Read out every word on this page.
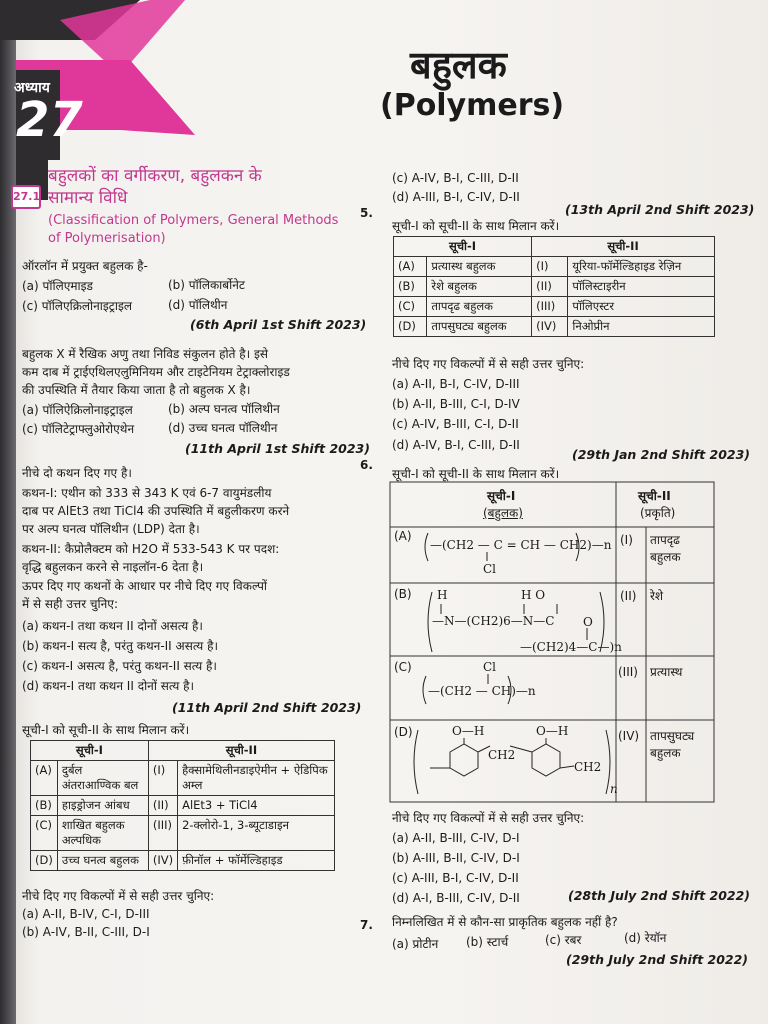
अध्याय
27
बहुलक
(Polymers)
27.1
बहुलकों का वर्गीकरण, बहुलकन के सामान्य विधि
(Classification of Polymers, General Methods of Polymerisation)
ऑरलॉन में प्रयुक्त बहुलक है-
(a) पॉलिएमाइड	(b) पॉलिकार्बोनेट
(c) पॉलिएक्रिलोनाइट्राइल	(d) पॉलिथीन
(6th April 1st Shift 2023)
बहुलक X में रैखिक अणु तथा निविड संकुलन होते है। इसे
कम दाब में ट्राईएथिलएलुमिनियम और टाइटेनियम टेट्राक्लोराइड
की उपस्थिति में तैयार किया जाता है तो बहुलक X है।
(a) पॉलिऐक्रिलोनाइट्राइल	(b) अल्प घनत्व पॉलिथीन
(c) पॉलिटेट्राफ्लुओरोएथेन	(d) उच्च घनत्व पॉलिथीन
(11th April 1st Shift 2023)
नीचे दो कथन दिए गए है।
कथन-I: एथीन को 333 से 343 K एवं 6-7 वायुमंडलीय
दाब पर AlEt3 तथा TiCl4 की उपस्थिति में बहुलीकरण करने
पर अल्प घनत्व पॉलिथीन (LDP) देता है।
कथन-II: कैप्रोलैक्टम को H2O में 533-543 K पर पदश:
वृद्धि बहुलकन करने से नाइलॉन-6 देता है।
ऊपर दिए गए कथनों के आधार पर नीचे दिए गए विकल्पों
में से सही उत्तर चुनिए:
(a) कथन-I तथा कथन II दोनों असत्य है।
(b) कथन-I सत्य है, परंतु कथन-II असत्य है।
(c) कथन-I असत्य है, परंतु कथन-II सत्य है।
(d) कथन-I तथा कथन II दोनों सत्य है।
(11th April 2nd Shift 2023)
सूची-I को सूची-II के साथ मिलान करें।
सूची-I		सूची-II	
(A)	दुर्बल अंतराआण्विक बल	(I)	हैक्सामेथिलीनडाइऐमीन + ऐडिपिक अम्ल
(B)	हाइड्रोजन आंबध	(II)	AlEt3 + TiCl4
(C)	शाखित बहुलक अल्पधिक	(III)	2-क्लोरो-1, 3-ब्यूटाडाइन
(D)	उच्च घनत्व बहुलक	(IV)	फ़ीनॉल + फॉर्मेल्डिहाइड
नीचे दिए गए विकल्पों में से सही उत्तर चुनिए:
(a) A-II, B-IV, C-I, D-III
(b) A-IV, B-II, C-III, D-I
(c) A-IV, B-I, C-III, D-II
(d) A-III, B-I, C-IV, D-II
(13th April 2nd Shift 2023)
5.
सूची-I को सूची-II के साथ मिलान करें।
सूची-I		सूची-II	
(A)	प्रत्यास्थ बहुलक	(I)	यूरिया-फॉर्मेल्डिहाइड रेज़िन
(B)	रेशे बहुलक	(II)	पॉलिस्टाइरीन
(C)	तापदृढ बहुलक	(III)	पॉलिएस्टर
(D)	तापसुघट्य बहुलक	(IV)	निओप्रीन
नीचे दिए गए विकल्पों में से सही उत्तर चुनिए:
(a) A-II, B-I, C-IV, D-III
(b) A-II, B-III, C-I, D-IV
(c) A-IV, B-III, C-I, D-II
(d) A-IV, B-I, C-III, D-II
(29th Jan 2nd Shift 2023)
6.
सूची-I को सूची-II के साथ मिलान करें।
सूची-I
(बहुलक)
सूची-II
(प्रकृति)
(A)
—(CH2 — C = CH — CH2)—n
Cl
(I) तापदृढ बहुलक
(B) H	H O
—N—(CH2)6—N—C
—(CH2)4—C—)n
O
(II) रेशे
(C)	Cl
—(CH2 — CH)—n
(III) प्रत्यास्थ
(D)	O—H	O—H
CH2
CH2
n
(IV) तापसुघट्य बहुलक
नीचे दिए गए विकल्पों में से सही उत्तर चुनिए:
(a) A-II, B-III, C-IV, D-I
(b) A-III, B-II, C-IV, D-I
(c) A-III, B-I, C-IV, D-II
(d) A-I, B-III, C-IV, D-II	(28th July 2nd Shift 2022)
7. निम्नलिखित में से कौन-सा प्राकृतिक बहुलक नहीं है?
(a) प्रोटीन (b) स्टार्च	(c) रबर	(d) रेयॉन
(29th July 2nd Shift 2022)
